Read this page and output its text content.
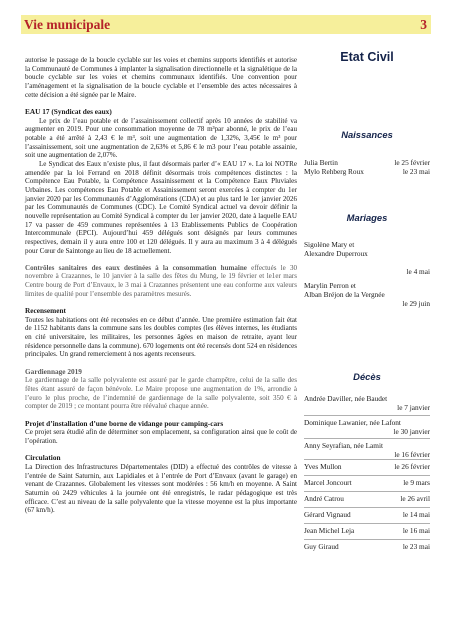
Vie municipale	3

autorise le passage de la boucle cyclable sur les voies et chemins supports identifiés et autorise la Communauté de Communes à implanter la signalisation directionnelle et la signalétique de la boucle cyclable sur les voies et chemins communaux identifiés. Une convention pour l’aménagement et la signalisation de la boucle cyclable et l’ensemble des actes nécessaires à cette décision a été signée par le Maire.

EAU 17 (Syndicat des eaux)

Le prix de l’eau potable et de l’assainissement collectif après 10 années de stabilité va augmenter en 2019. Pour une consommation moyenne de 78 m³par abonné, le prix de l’eau potable a été arrêté à 2,43 € le m³, soit une augmentation de 1,32%, 3,45€ le m³ pour l’assainissement, soit une augmentation de 2,63% et 5,86 € le m3 pour l’eau potable assainie, soit une augmentation de 2,07%.

Le Syndicat des Eaux n’existe plus, il faut désormais parler d’« EAU 17 ». La loi NOTRe amendée par la loi Ferrand en 2018 définit désormais trois compétences distinctes : la Compétence Eau Potable, la Compétence Assainissement et la Compétence Eaux Pluviales Urbaines. Les compétences Eau Potable et Assainissement seront exercées à compter du 1er janvier 2020 par les Communautés d’Agglomérations (CDA) et au plus tard le 1er janvier 2026 par les Communautés de Communes (CDC). Le Comité Syndical actuel va devoir définir la nouvelle représentation au Comité Syndical à compter du 1er janvier 2020, date à laquelle EAU 17 va passer de 459 communes représentées à 13 Etablissements Publics de Coopération Intercommunale (EPCI). Aujourd’hui 459 délégués sont désignés par leurs communes respectives, demain il y aura entre 100 et 120 délégués. Il y aura au maximum 3 à 4 délégués pour Cœur de Saintonge au lieu de 18 actuellement.

Contrôles sanitaires des eaux destinées à la consommation humaine effectués le 30 novembre à Crazannes, le 10 janvier à la salle des fêtes du Mung, le 19 février et le1er mars Centre bourg de Port d’Envaux, le 3 mai à Crazannes présentent une eau conforme aux valeurs limites de qualité pour l’ensemble des paramètres mesurés.

Recensement

Toutes les habitations ont été recensées en ce début d’année. Une première estimation fait état de 1152 habitants dans la commune sans les doubles comptes (les élèves internes, les étudiants en cité universitaire, les militaires, les personnes âgées en maison de retraite, ayant leur résidence personnelle dans la commune). 670 logements ont été recensés dont 524 en résidences principales. Un grand remerciement à nos agents recenseurs.

Gardiennage 2019

Le gardiennage de la salle polyvalente est assuré par le garde champêtre, celui de la salle des fêtes étant assuré de façon bénévole. Le Maire propose une augmentation de 1%, arrondie à l’euro le plus proche, de l’indemnité de gardiennage de la salle polyvalente, soit 350 € à compter de 2019 ; ce montant pourra être réévalué chaque année.

Projet d’installation d’une borne de vidange pour camping-cars

Ce projet sera étudié afin de déterminer son emplacement, sa configuration ainsi que le coût de l’opération.

Circulation

La Direction des Infrastructures Départementales (DID) a effectué des contrôles de vitesse à l’entrée de Saint Saturnin, aux Lapidiales et à l’entrée de Port d’Envaux (avant le garage) en venant de Crazannes. Globalement les vitesses sont modérées : 56 km/h en moyenne. A Saint Saturnin où 2429 véhicules à la journée ont été enregistrés, le radar pédagogique est très efficace. C’est au niveau de la salle polyvalente que la vitesse moyenne est la plus importante (67 km/h).

Etat Civil
Naissances
Julia Bertin	le 25 février
Mylo Rehberg Roux	le 23 mai
Mariages
Sigolène Mary et
Alexandre Duperroux
le 4 mai
Marylin Perron et
Alban Bréjon de la Vergnée
le 29 juin
Décès
Andrée Daviller, née Baudet
le 7 janvier
Dominique Lawanier, née Lafont
le 30 janvier
Anny Seyrafian, née Lamit
le 16 février
Yves Mullon	le 26 février
Marcel Joncourt	le 9 mars
André Catrou	le 26 avril
Gérard Vignaud	le 14 mai
Jean Michel Leja	le 16 mai
Guy Giraud	le 23 mai
